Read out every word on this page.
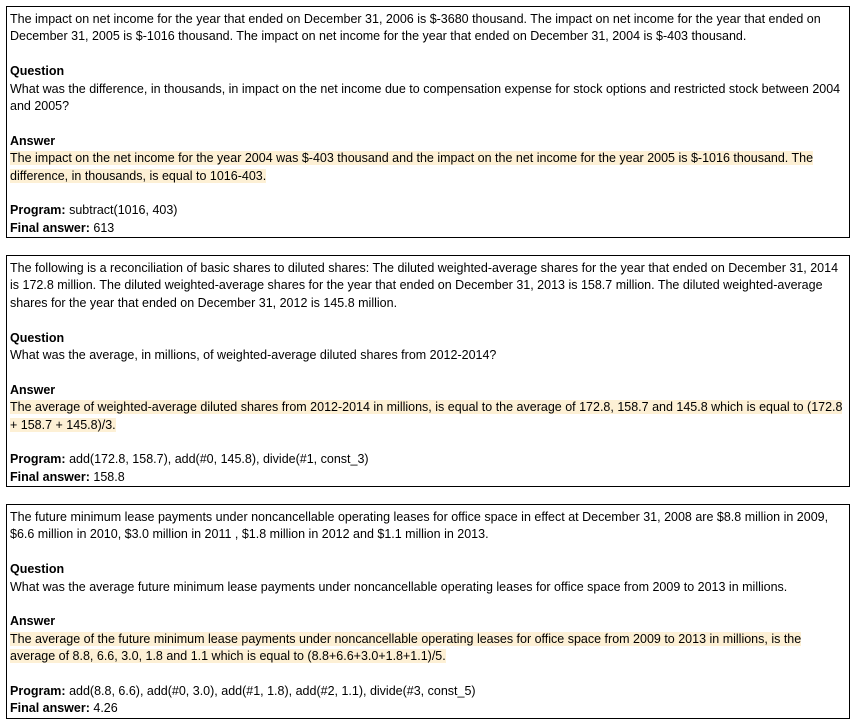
The impact on net income for the year that ended on December 31, 2006 is $-3680 thousand. The impact on net income for the year that ended on December 31, 2005 is $-1016 thousand. The impact on net income for the year that ended on December 31, 2004 is $-403 thousand.

Question

What was the difference, in thousands, in impact on the net income due to compensation expense for stock options and restricted stock between 2004 and 2005?

Answer

The impact on the net income for the year 2004 was $-403 thousand and the impact on the net income for the year 2005 is $-1016 thousand. The difference, in thousands, is equal to 1016-403.

Program: subtract(1016, 403)

Final answer: 613

The following is a reconciliation of basic shares to diluted shares: The diluted weighted-average shares for the year that ended on December 31, 2014 is 172.8 million. The diluted weighted-average shares for the year that ended on December 31, 2013 is 158.7 million. The diluted weighted-average shares for the year that ended on December 31, 2012 is 145.8 million.

Question

What was the average, in millions, of weighted-average diluted shares from 2012-2014?

Answer

The average of weighted-average diluted shares from 2012-2014 in millions, is equal to the average of 172.8, 158.7 and 145.8 which is equal to (172.8 + 158.7 + 145.8)/3.

Program: add(172.8, 158.7), add(#0, 145.8), divide(#1, const_3)

Final answer: 158.8

The future minimum lease payments under noncancellable operating leases for office space in effect at December 31, 2008 are $8.8 million in 2009, $6.6 million in 2010, $3.0 million in 2011 , $1.8 million in 2012 and $1.1 million in 2013.

Question

What was the average future minimum lease payments under noncancellable operating leases for office space from 2009 to 2013 in millions.

Answer

The average of the future minimum lease payments under noncancellable operating leases for office space from 2009 to 2013 in millions, is the average of 8.8, 6.6, 3.0, 1.8 and 1.1 which is equal to (8.8+6.6+3.0+1.8+1.1)/5.

Program: add(8.8, 6.6), add(#0, 3.0), add(#1, 1.8), add(#2, 1.1), divide(#3, const_5)

Final answer: 4.26
